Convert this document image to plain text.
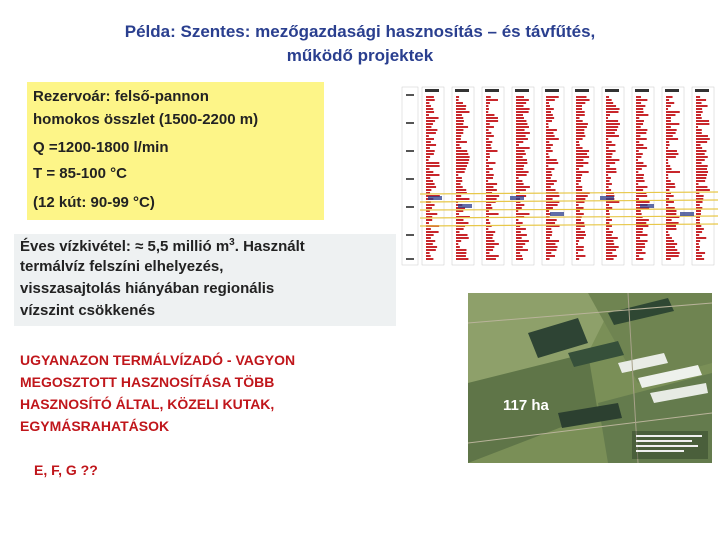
Példa: Szentes: mezőgazdasági hasznosítás – és távfűtés,
működő projektek
Rezervoár: felső-pannon
homokos összlet (1500-2200 m)
Q =1200-1800 l/min
T = 85-100 °C
(12 kút: 90-99 °C)
Éves vízkivétel: ≈ 5,5 millió $m^3$. Használt
termálvíz felszíni elhelyezés,
visszasajtolás hiányában regionális
vízszint csökkenés
UGYANAZON TERMÁLVÍZADÓ - VAGYON
MEGOSZTOTT HASZNOSÍTÁSA TÖBB
HASZNOSÍTÓ ÁLTAL, KÖZELI KUTAK,
EGYMÁSRAHATÁSOK
E, F, G ??
117 ha
